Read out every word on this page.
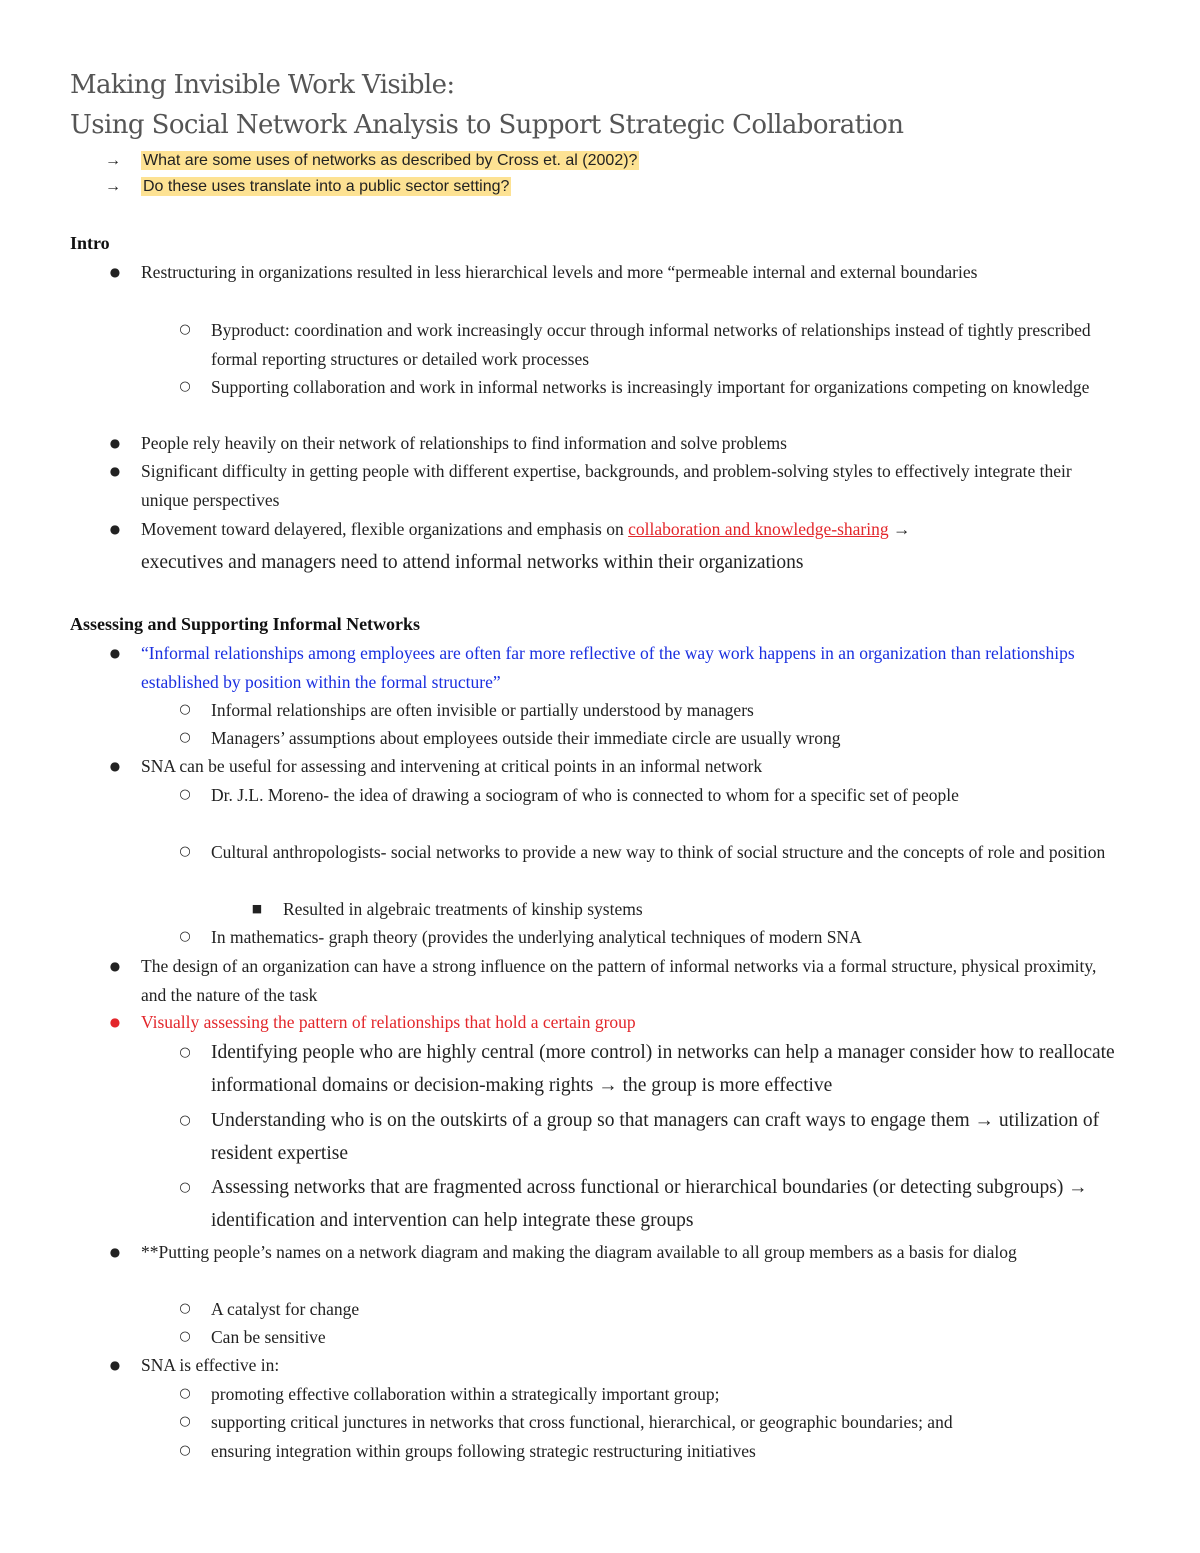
Making Invisible Work Visible:
Using Social Network Analysis to Support Strategic Collaboration
→ What are some uses of networks as described by Cross et. al (2002)?
→ Do these uses translate into a public sector setting?
Intro
● Restructuring in organizations resulted in less hierarchical levels and more “permeable internal and external boundaries
○ Byproduct: coordination and work increasingly occur through informal networks of relationships instead of tightly prescribed formal reporting structures or detailed work processes
○ Supporting collaboration and work in informal networks is increasingly important for organizations competing on knowledge
● People rely heavily on their network of relationships to find information and solve problems
● Significant difficulty in getting people with different expertise, backgrounds, and problem-solving styles to effectively integrate their unique perspectives
● Movement toward delayered, flexible organizations and emphasis on collaboration and knowledge-sharing →
executives and managers need to attend informal networks within their organizations
Assessing and Supporting Informal Networks
● “Informal relationships among employees are often far more reflective of the way work happens in an organization than relationships established by position within the formal structure”
○ Informal relationships are often invisible or partially understood by managers
○ Managers’ assumptions about employees outside their immediate circle are usually wrong
● SNA can be useful for assessing and intervening at critical points in an informal network
○ Dr. J.L. Moreno- the idea of drawing a sociogram of who is connected to whom for a specific set of people
○ Cultural anthropologists- social networks to provide a new way to think of social structure and the concepts of role and position
■ Resulted in algebraic treatments of kinship systems
○ In mathematics- graph theory (provides the underlying analytical techniques of modern SNA
● The design of an organization can have a strong influence on the pattern of informal networks via a formal structure, physical proximity, and the nature of the task
● Visually assessing the pattern of relationships that hold a certain group
○ Identifying people who are highly central (more control) in networks can help a manager consider how to reallocate informational domains or decision-making rights → the group is more effective
○ Understanding who is on the outskirts of a group so that managers can craft ways to engage them → utilization of resident expertise
○ Assessing networks that are fragmented across functional or hierarchical boundaries (or detecting subgroups) → identification and intervention can help integrate these groups
● **Putting people’s names on a network diagram and making the diagram available to all group members as a basis for dialog
○ A catalyst for change
○ Can be sensitive
● SNA is effective in:
○ promoting effective collaboration within a strategically important group;
○ supporting critical junctures in networks that cross functional, hierarchical, or geographic boundaries; and
○ ensuring integration within groups following strategic restructuring initiatives
